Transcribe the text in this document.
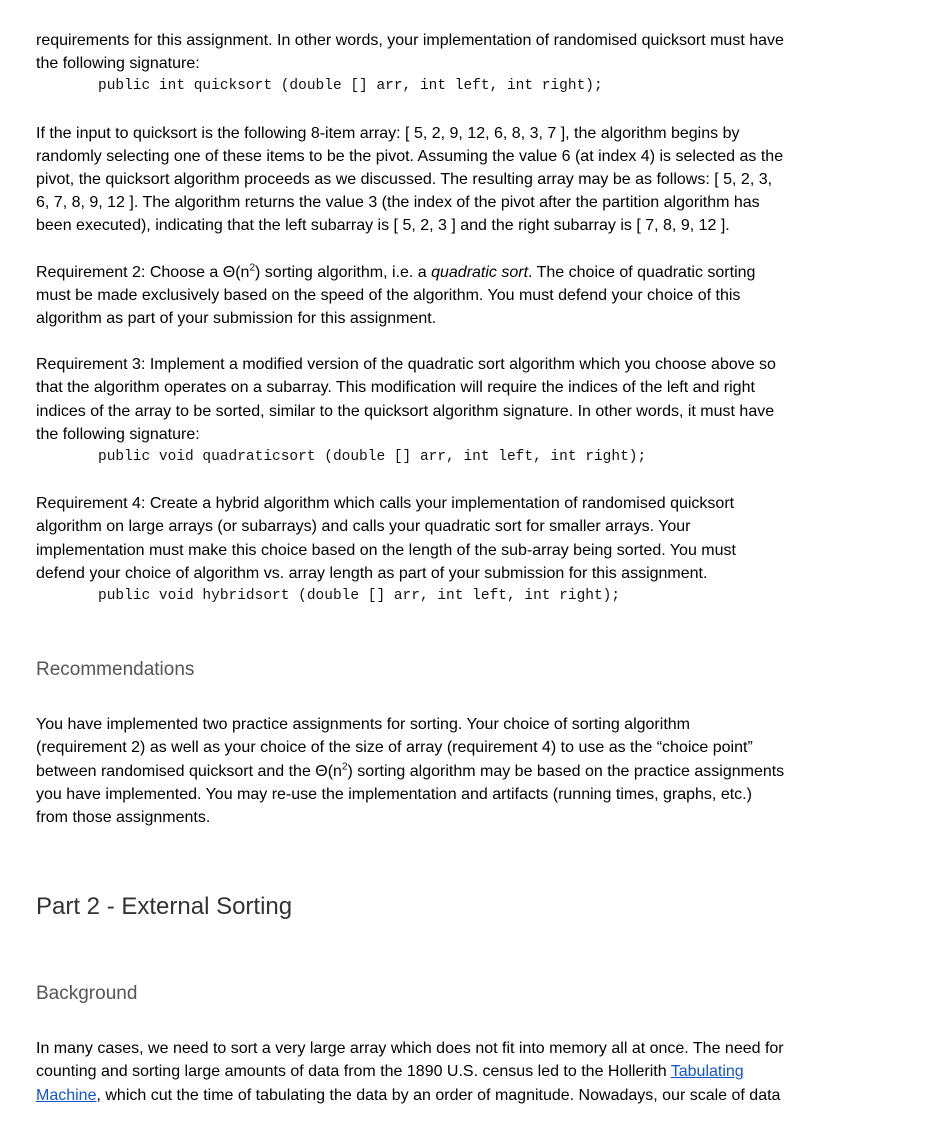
requirements for this assignment. In other words, your implementation of randomised quicksort must have
the following signature:

public int quicksort (double [] arr, int left, int right);

If the input to quicksort is the following 8-item array: [ 5, 2, 9, 12, 6, 8, 3, 7 ], the algorithm begins by
randomly selecting one of these items to be the pivot. Assuming the value 6 (at index 4) is selected as the
pivot, the quicksort algorithm proceeds as we discussed. The resulting array may be as follows: [ 5, 2, 3,
6, 7, 8, 9, 12 ]. The algorithm returns the value 3 (the index of the pivot after the partition algorithm has
been executed), indicating that the left subarray is [ 5, 2, 3 ] and the right subarray is [ 7, 8, 9, 12 ].

Requirement 2: Choose a $\Theta(n^2)$ sorting algorithm, i.e. a quadratic sort. The choice of quadratic sorting
must be made exclusively based on the speed of the algorithm. You must defend your choice of this
algorithm as part of your submission for this assignment.

Requirement 3: Implement a modified version of the quadratic sort algorithm which you choose above so
that the algorithm operates on a subarray. This modification will require the indices of the left and right
indices of the array to be sorted, similar to the quicksort algorithm signature. In other words, it must have
the following signature:

public void quadraticsort (double [] arr, int left, int right);

Requirement 4: Create a hybrid algorithm which calls your implementation of randomised quicksort
algorithm on large arrays (or subarrays) and calls your quadratic sort for smaller arrays. Your
implementation must make this choice based on the length of the sub-array being sorted. You must
defend your choice of algorithm vs. array length as part of your submission for this assignment.

public void hybridsort (double [] arr, int left, int right);
Recommendations

You have implemented two practice assignments for sorting. Your choice of sorting algorithm
(requirement 2) as well as your choice of the size of array (requirement 4) to use as the “choice point”
between randomised quicksort and the $\Theta(n^2)$ sorting algorithm may be based on the practice assignments
you have implemented. You may re-use the implementation and artifacts (running times, graphs, etc.)
from those assignments.

Part 2 - External Sorting
Background

In many cases, we need to sort a very large array which does not fit into memory all at once. The need for
counting and sorting large amounts of data from the 1890 U.S. census led to the Hollerith Tabulating
Machine, which cut the time of tabulating the data by an order of magnitude. Nowadays, our scale of data
